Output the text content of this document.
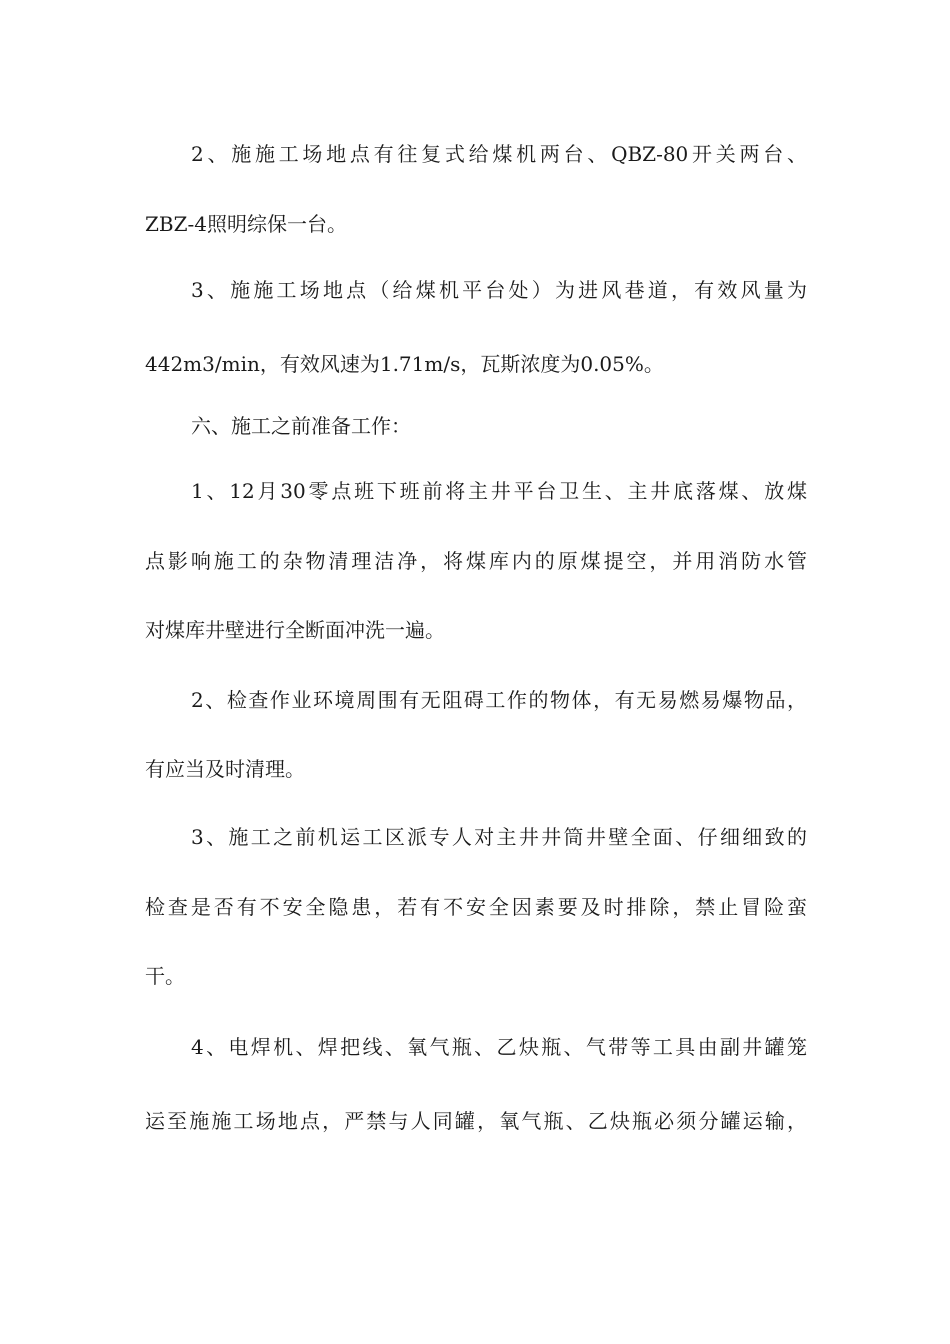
2、施施工场地点有往复式给煤机两台、QBZ-80开关两台、
ZBZ-4照明综保一台。
3、施施工场地点（给煤机平台处）为进风巷道，有效风量为
442m3/min，有效风速为1.71m/s，瓦斯浓度为0.05%。
六、施工之前准备工作：
1、12月30零点班下班前将主井平台卫生、主井底落煤、放煤
点影响施工的杂物清理洁净，将煤库内的原煤提空，并用消防水管
对煤库井壁进行全断面冲洗一遍。
2、检查作业环境周围有无阻碍工作的物体，有无易燃易爆物品，
有应当及时清理。
3、施工之前机运工区派专人对主井井筒井壁全面、仔细细致的
检查是否有不安全隐患，若有不安全因素要及时排除，禁止冒险蛮
干。
4、电焊机、焊把线、氧气瓶、乙炔瓶、气带等工具由副井罐笼
运至施施工场地点，严禁与人同罐，氧气瓶、乙炔瓶必须分罐运输，
